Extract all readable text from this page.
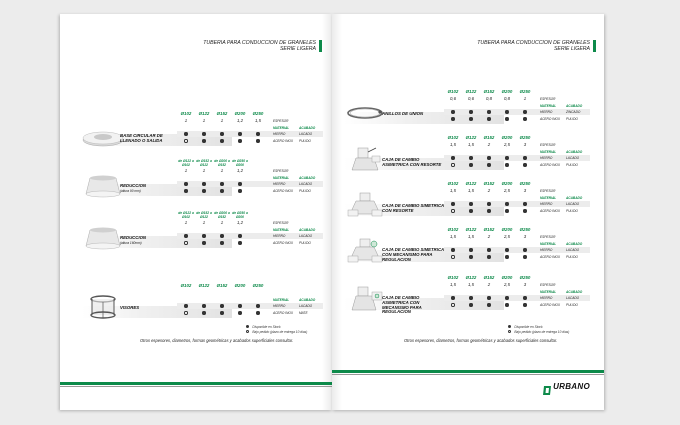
TUBERIA PARA CONDUCCION DE GRANELES
SERIE LIGERA
BASE CIRCULAR DE LLENADO O SALIDA
Ø102	Ø122	Ø152	Ø200	Ø250
1	1	1	1,2	1,5	ESPESOR
MATERIAL	ACABADO
HIERRO	LACADO
ACERO INOX PULIDO
REDUCCION
(altura 90 mm)
de Ø122 a Ø102
de Ø152 a Ø122
de Ø200 a Ø152
de Ø250 a Ø200
1	1	1	1,2	ESPESOR
MATERIAL	ACABADO
HIERRO	LACADO
ACERO INOX PULIDO
REDUCCION
(altura 160mm)
de Ø122 a Ø102
de Ø152 a Ø122
de Ø200 a Ø152
de Ø250 a Ø200
1	1	1	1,2	ESPESOR
MATERIAL	ACABADO
HIERRO	LACADO
ACERO INOX PULIDO
VISORES
Ø102	Ø122	Ø152	Ø200	Ø250
MATERIAL	ACABADO
HIERRO	LACADO
ACERO INOX MATE
Disponible en Stock
Bajo pedido (plazo de entrega 10 días)
Otros espesores, diametros, formas geométricas y acabados superficiales consultar.
TUBERIA PARA CONDUCCION DE GRANELES
SERIE LIGERA
ANILLOS DE UNION
Ø102	Ø122	Ø152	Ø200	Ø250
0,6	0,6	0,8	0,8	1	ESPESOR
MATERIAL	ACABADO
HIERRO	ZINCADO
ACERO INOX PULIDO
CAJA DE CAMBIO ASIMETRICA CON RESORTE
Ø102	Ø122	Ø152	Ø200	Ø250
1,5	1,5	2	2,5	3	ESPESOR
MATERIAL	ACABADO
HIERRO	LACADO
ACERO INOX PULIDO
CAJA DE CAMBIO SIMETRICA CON RESORTE
Ø102	Ø122	Ø152	Ø200	Ø250
1,5	1,5	2	2,5	3	ESPESOR
MATERIAL	ACABADO
HIERRO	LACADO
ACERO INOX PULIDO
CAJA DE CAMBIO SIMETRICA CON MECANISMO PARA REGULACION
Ø102	Ø122	Ø152	Ø200	Ø250
1,5	1,5	2	2,5	3	ESPESOR
MATERIAL	ACABADO
HIERRO	LACADO
ACERO INOX PULIDO
CAJA DE CAMBIO ASIMETRICA CON MECANISMO PARA REGULACION
Ø102	Ø122	Ø152	Ø200	Ø250
1,5	1,5	2	2,5	3	ESPESOR
MATERIAL	ACABADO
HIERRO	LACADO
ACERO INOX PULIDO
Disponible en Stock
Bajo pedido (plazo de entrega 10 días)
Otros espesores, diametros, formas geométricas y acabados superficiales consultar.
URBANO
